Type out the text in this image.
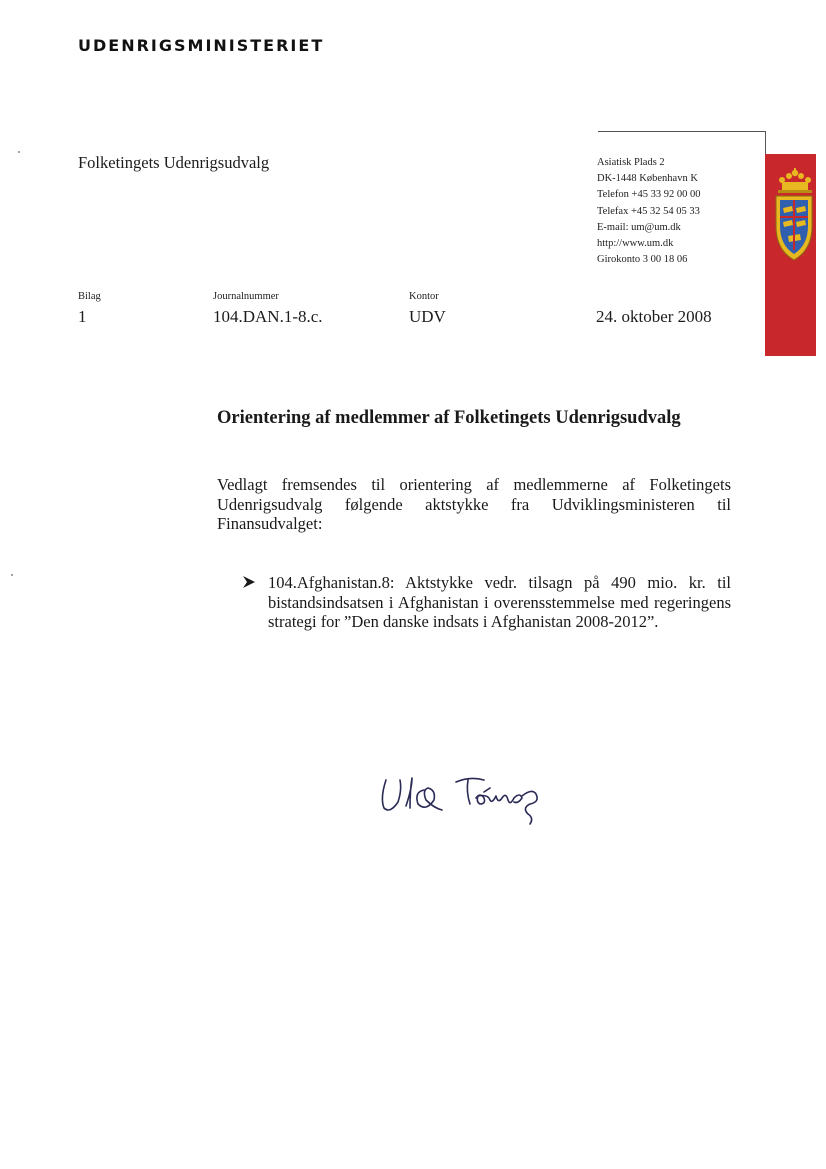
UDENRIGSMINISTERIET
Folketingets Udenrigsudvalg	Asiatisk Plads 2
DK-1448 København K
Telefon +45 33 92 00 00
Telefax +45 32 54 05 33
E-mail: um@um.dk
http://www.um.dk
Girokonto 3 00 18 06
Bilag	Journalnummer	Kontor
1	104.DAN.1-8.c.	UDV	24. oktober 2008
Orientering af medlemmer af Folketingets Udenrigsudvalg
Vedlagt fremsendes til orientering af medlemmerne af Folketingets Udenrigsudvalg følgende aktstykke fra Udviklingsministeren til Finansudvalget:
104.Afghanistan.8: Aktstykke vedr. tilsagn på 490 mio. kr. til bistandsindsatsen i Afghanistan i overensstemmelse med regeringens strategi for ”Den danske indsats i Afghanistan 2008-2012”.
